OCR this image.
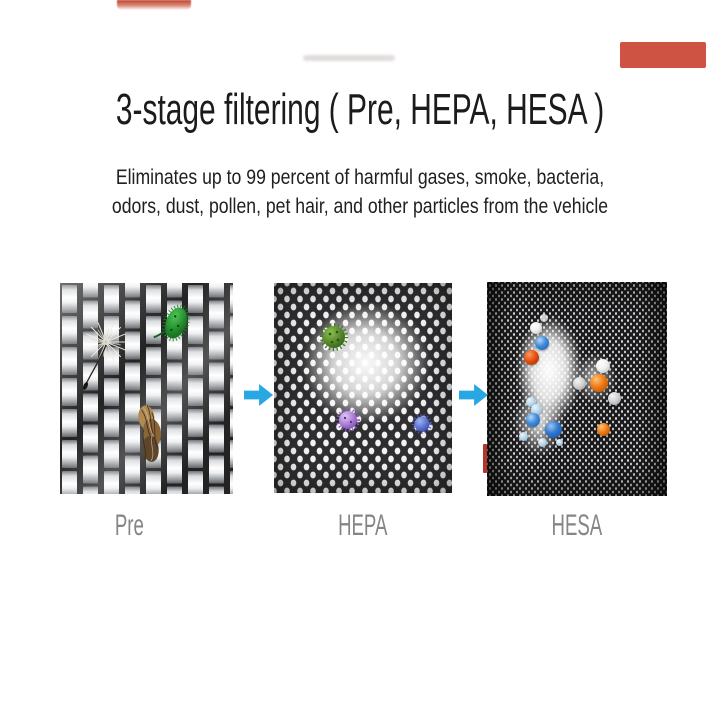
3-stage filtering ( Pre, HEPA, HESA )
Eliminates up to 99 percent of harmful gases, smoke, bacteria,
odors, dust, pollen, pet hair, and other particles from the vehicle
Pre	HEPA	HESA
